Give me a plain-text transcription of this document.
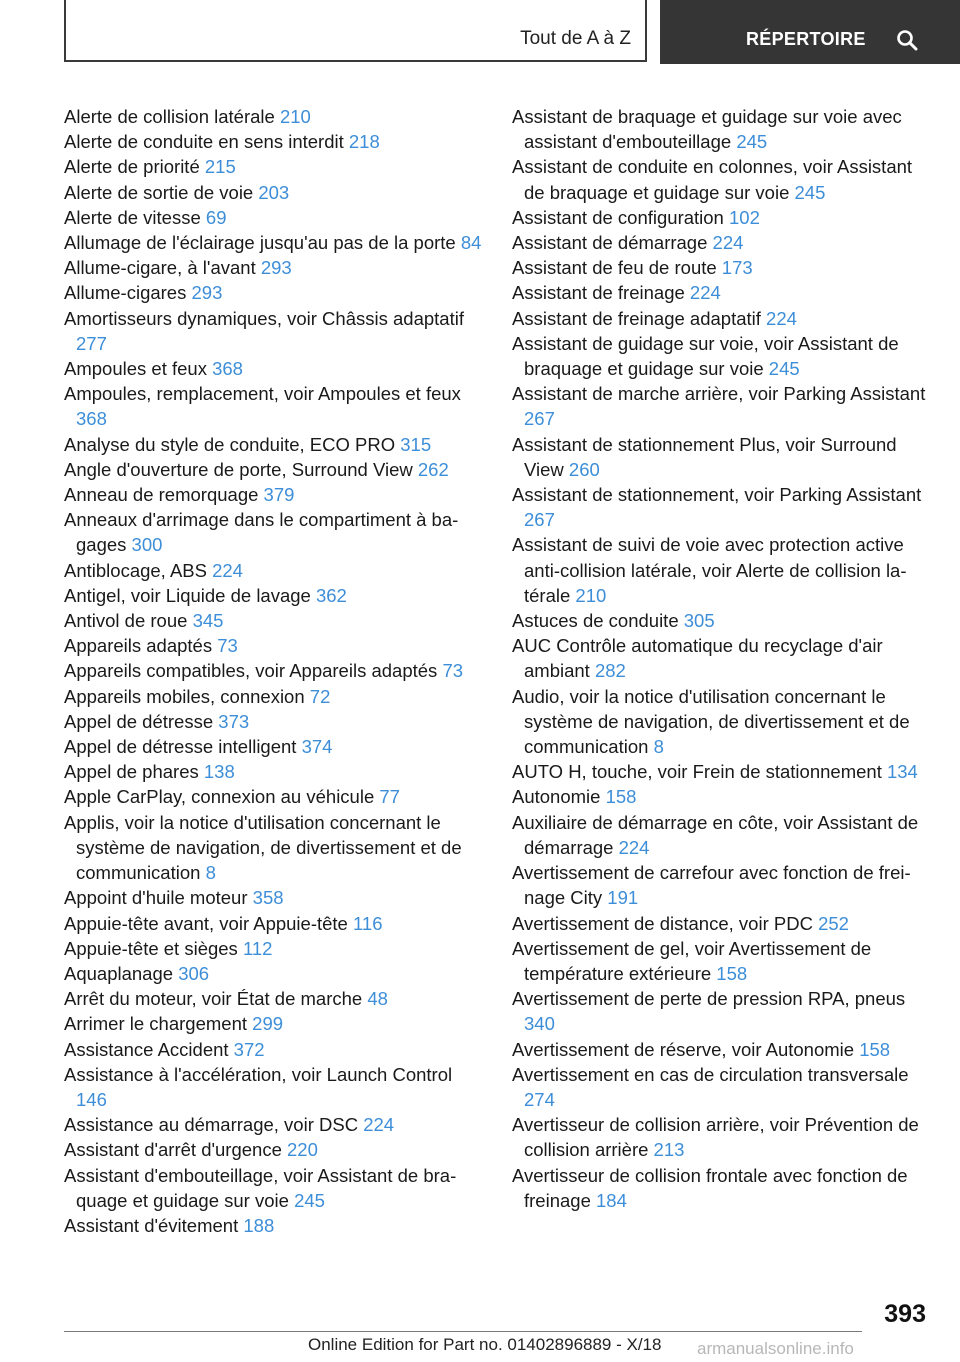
Tout de A à Z	RÉPERTOIRE
Alerte de collision latérale 210
Alerte de conduite en sens interdit 218
Alerte de priorité 215
Alerte de sortie de voie 203
Alerte de vitesse 69
Allumage de l'éclairage jusqu'au pas de la porte 84
Allume-cigare, à l'avant 293
Allume-cigares 293
Amortisseurs dynamiques, voir Châssis adaptatif 277
Ampoules et feux 368
Ampoules, remplacement, voir Ampoules et feux 368
Analyse du style de conduite, ECO PRO 315
Angle d'ouverture de porte, Surround View 262
Anneau de remorquage 379
Anneaux d'arrimage dans le compartiment à bagages 300
Antiblocage, ABS 224
Antigel, voir Liquide de lavage 362
Antivol de roue 345
Appareils adaptés 73
Appareils compatibles, voir Appareils adaptés 73
Appareils mobiles, connexion 72
Appel de détresse 373
Appel de détresse intelligent 374
Appel de phares 138
Apple CarPlay, connexion au véhicule 77
Applis, voir la notice d'utilisation concernant le système de navigation, de divertissement et de communication 8
Appoint d'huile moteur 358
Appuie-tête avant, voir Appuie-tête 116
Appuie-tête et sièges 112
Aquaplanage 306
Arrêt du moteur, voir État de marche 48
Arrimer le chargement 299
Assistance Accident 372
Assistance à l'accélération, voir Launch Control 146
Assistance au démarrage, voir DSC 224
Assistant d'arrêt d'urgence 220
Assistant d'embouteillage, voir Assistant de braquage et guidage sur voie 245
Assistant d'évitement 188
Assistant de braquage et guidage sur voie avec assistant d'embouteillage 245
Assistant de conduite en colonnes, voir Assistant de braquage et guidage sur voie 245
Assistant de configuration 102
Assistant de démarrage 224
Assistant de feu de route 173
Assistant de freinage 224
Assistant de freinage adaptatif 224
Assistant de guidage sur voie, voir Assistant de braquage et guidage sur voie 245
Assistant de marche arrière, voir Parking Assistant 267
Assistant de stationnement Plus, voir Surround View 260
Assistant de stationnement, voir Parking Assistant 267
Assistant de suivi de voie avec protection active anti-collision latérale, voir Alerte de collision latérale 210
Astuces de conduite 305
AUC Contrôle automatique du recyclage d'air ambiant 282
Audio, voir la notice d'utilisation concernant le système de navigation, de divertissement et de communication 8
AUTO H, touche, voir Frein de stationnement 134
Autonomie 158
Auxiliaire de démarrage en côte, voir Assistant de démarrage 224
Avertissement de carrefour avec fonction de freinage City 191
Avertissement de distance, voir PDC 252
Avertissement de gel, voir Avertissement de température extérieure 158
Avertissement de perte de pression RPA, pneus 340
Avertissement de réserve, voir Autonomie 158
Avertissement en cas de circulation transversale 274
Avertisseur de collision arrière, voir Prévention de collision arrière 213
Avertisseur de collision frontale avec fonction de freinage 184
393
Online Edition for Part no. 01402896889 - X/18 armanualsonline.info
